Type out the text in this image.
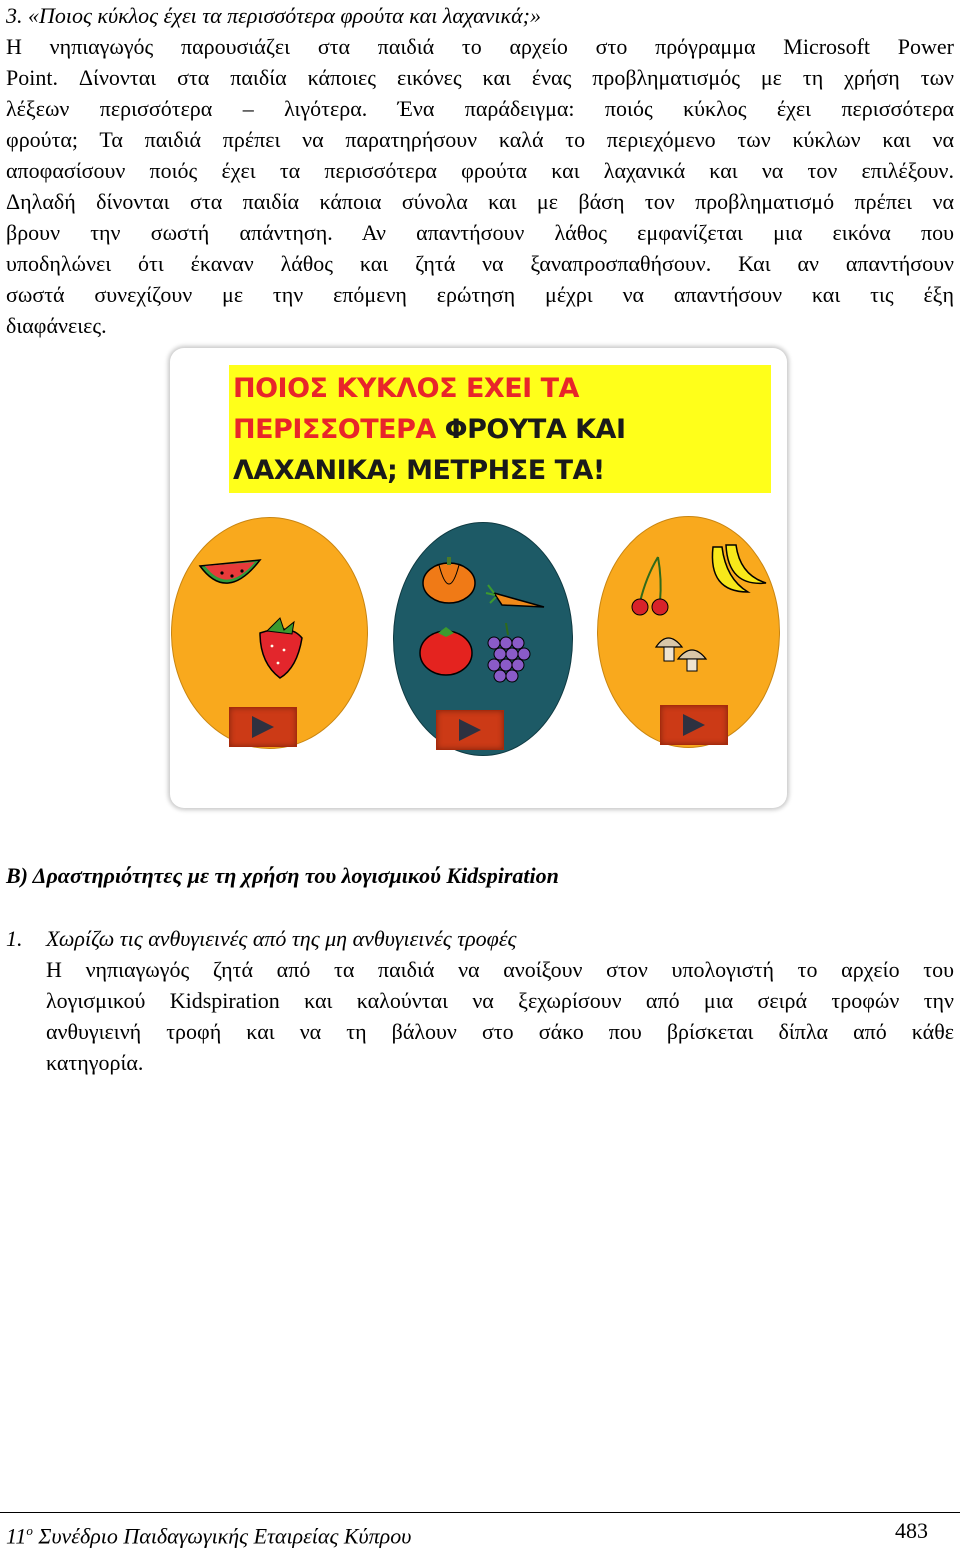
3. «Ποιος κύκλος έχει τα περισσότερα φρούτα και λαχανικά;»
Η νηπιαγωγός παρουσιάζει στα παιδιά το αρχείο στο πρόγραμμα Microsoft Power
Point. Δίνονται στα παιδία κάποιες εικόνες και ένας προβληματισμός με τη χρήση των
λέξεων περισσότερα – λιγότερα. Ένα παράδειγμα: ποιός κύκλος έχει περισσότερα
φρούτα; Τα παιδιά πρέπει να παρατηρήσουν καλά το περιεχόμενο των κύκλων και να
αποφασίσουν ποιός έχει τα περισσότερα φρούτα και λαχανικά και να τον επιλέξουν.
Δηλαδή δίνονται στα παιδία κάποια σύνολα και με βάση τον προβληματισμό πρέπει να
βρουν την σωστή απάντηση. Αν απαντήσουν λάθος εμφανίζεται μια εικόνα που
υποδηλώνει ότι έκαναν λάθος και ζητά να ξαναπροσπαθήσουν. Και αν απαντήσουν
σωστά συνεχίζουν με την επόμενη ερώτηση μέχρι να απαντήσουν και τις έξη
διαφάνειες.
ΠΟΙΟΣ ΚΥΚΛΟΣ ΕΧΕΙ ΤΑ
ΠΕΡΙΣΣΟΤΕΡΑ ΦΡΟΥΤΑ ΚΑΙ
ΛΑΧΑΝΙΚΑ; ΜΕΤΡΗΣΕ ΤΑ!
Β) Δραστηριότητες με τη χρήση του λογισμικού Kidspiration
1. Χωρίζω τις ανθυγιεινές από της μη ανθυγιεινές τροφές
Η νηπιαγωγός ζητά από τα παιδιά να ανοίξουν στον υπολογιστή το αρχείο του
λογισμικού Kidspiration και καλούνται να ξεχωρίσουν από μια σειρά τροφών την
ανθυγιεινή τροφή και να τη βάλουν στο σάκο που βρίσκεται δίπλα από κάθε
κατηγορία.
$11^o$ Συνέδριο Παιδαγωγικής Εταιρείας Κύπρου	483
